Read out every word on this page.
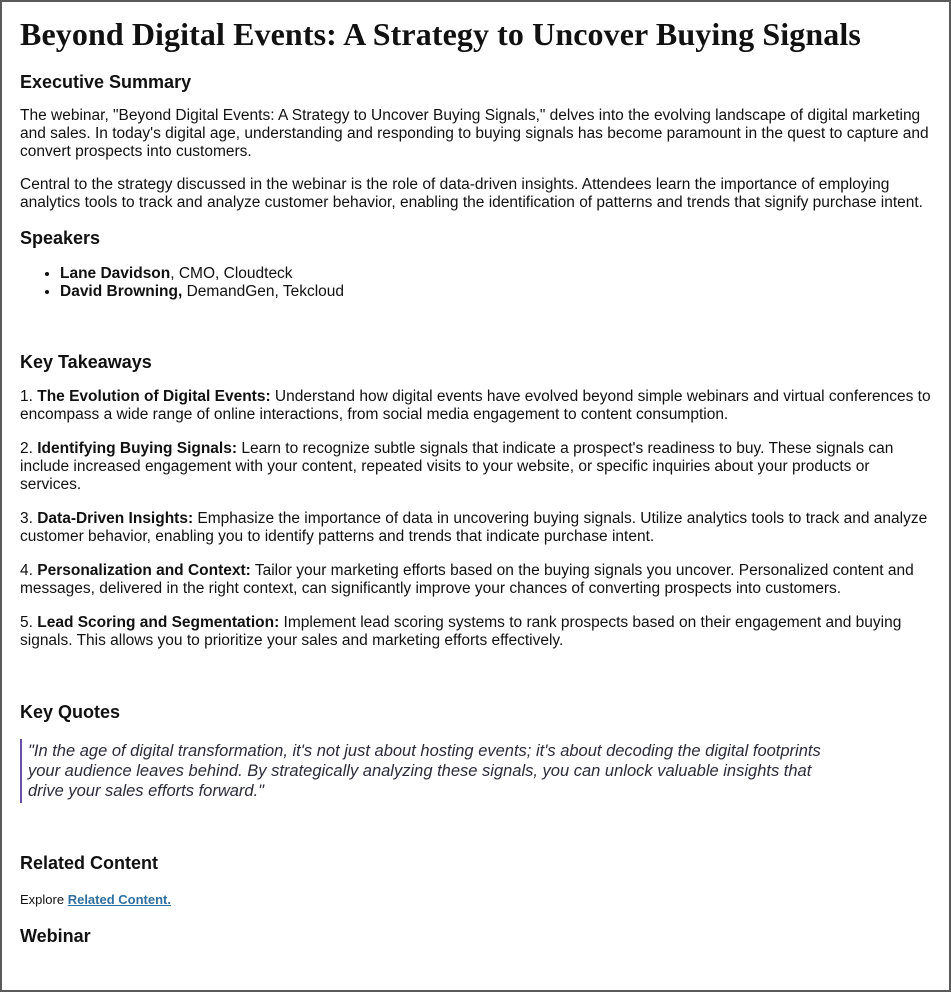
Beyond Digital Events: A Strategy to Uncover Buying Signals
Executive Summary

The webinar, "Beyond Digital Events: A Strategy to Uncover Buying Signals," delves into the evolving landscape of digital marketing and sales. In today's digital age, understanding and responding to buying signals has become paramount in the quest to capture and convert prospects into customers.

Central to the strategy discussed in the webinar is the role of data-driven insights. Attendees learn the importance of employing analytics tools to track and analyze customer behavior, enabling the identification of patterns and trends that signify purchase intent.

Speakers
• Lane Davidson, CMO, Cloudteck
• David Browning, DemandGen, Tekcloud
Key Takeaways

1. The Evolution of Digital Events: Understand how digital events have evolved beyond simple webinars and virtual conferences to encompass a wide range of online interactions, from social media engagement to content consumption.

2. Identifying Buying Signals: Learn to recognize subtle signals that indicate a prospect's readiness to buy. These signals can include increased engagement with your content, repeated visits to your website, or specific inquiries about your products or services.

3. Data-Driven Insights: Emphasize the importance of data in uncovering buying signals. Utilize analytics tools to track and analyze customer behavior, enabling you to identify patterns and trends that indicate purchase intent.

4. Personalization and Context: Tailor your marketing efforts based on the buying signals you uncover. Personalized content and messages, delivered in the right context, can significantly improve your chances of converting prospects into customers.

5. Lead Scoring and Segmentation: Implement lead scoring systems to rank prospects based on their engagement and buying signals. This allows you to prioritize your sales and marketing efforts effectively.

Key Quotes
"In the age of digital transformation, it's not just about hosting events; it's about decoding the digital footprints your audience leaves behind. By strategically analyzing these signals, you can unlock valuable insights that drive your sales efforts forward."
Related Content

Explore Related Content.

Webinar
